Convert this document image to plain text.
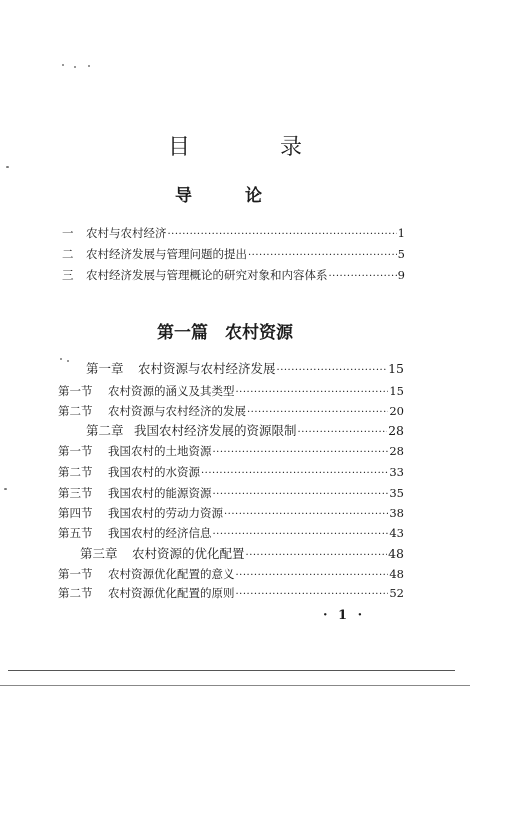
目	录
导	论
一	农村与农村经济 ·····	1
二	农村经济发展与管理问题的提出 ·····	5
三	农村经济发展与管理概论的研究对象和内容体系 ·····	9
第一篇　农村资源
第一章	农村资源与农村经济发展 ·····	15
第一节	农村资源的涵义及其类型 ·····	15
第二节	农村资源与农村经济的发展 ·····	20
第二章 我国农村经济发展的资源限制 ·····	28
第一节	我国农村的土地资源 ·····	28
第二节	我国农村的水资源 ·····	33
第三节	我国农村的能源资源 ·····	35
第四节	我国农村的劳动力资源 ·····	38
第五节	我国农村的经济信息 ·····	43
第三章	农村资源的优化配置 ·····	48
第一节	农村资源优化配置的意义 ·····	48
第二节	农村资源优化配置的原则 ·····	52
· 1 ·
